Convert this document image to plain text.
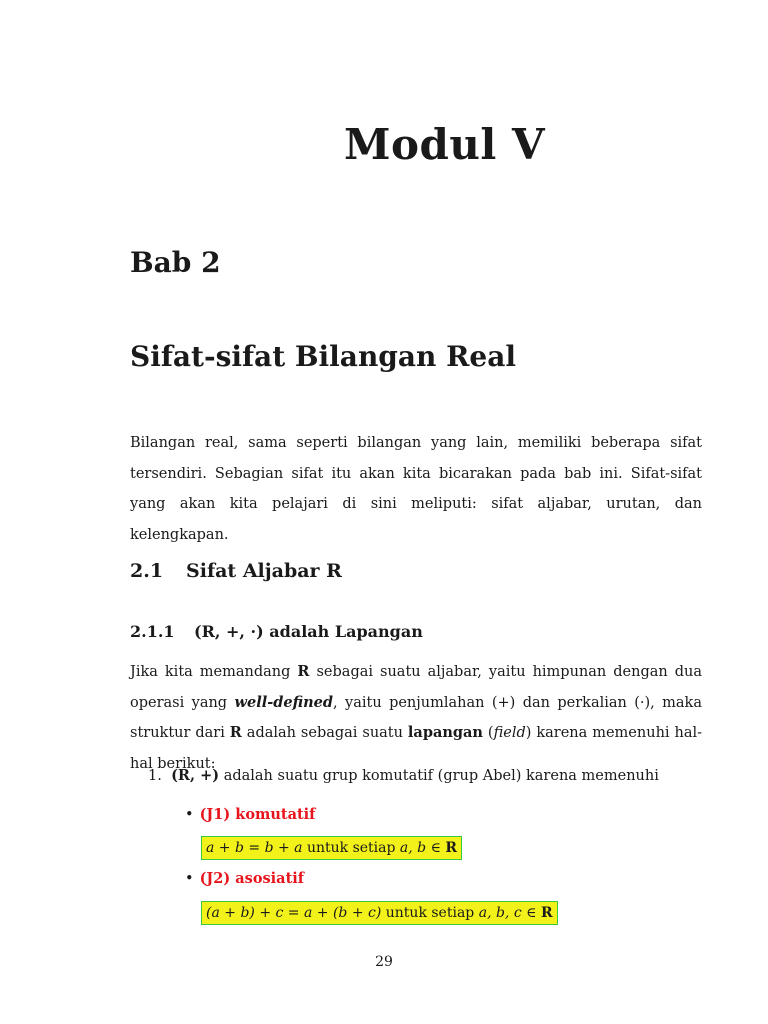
Modul V
Bab 2
Sifat-sifat Bilangan Real
Bilangan real, sama seperti bilangan yang lain, memiliki beberapa sifat tersendiri. Sebagian sifat itu akan kita bicarakan pada bab ini. Sifat-sifat yang akan kita pelajari di sini meliputi: sifat aljabar, urutan, dan kelengkapan.
2.1 Sifat Aljabar R
2.1.1 (R, +, ·) adalah Lapangan
Jika kita memandang R sebagai suatu aljabar, yaitu himpunan dengan dua operasi yang well-defined, yaitu penjumlahan (+) dan perkalian (·), maka struktur dari R adalah sebagai suatu lapangan (field) karena memenuhi hal-hal berikut:
1. (R, +) adalah suatu grup komutatif (grup Abel) karena memenuhi
• (J1) komutatif
a + b = b + a untuk setiap a, b ∈ R
• (J2) asosiatif
(a + b) + c = a + (b + c) untuk setiap a, b, c ∈ R
29
